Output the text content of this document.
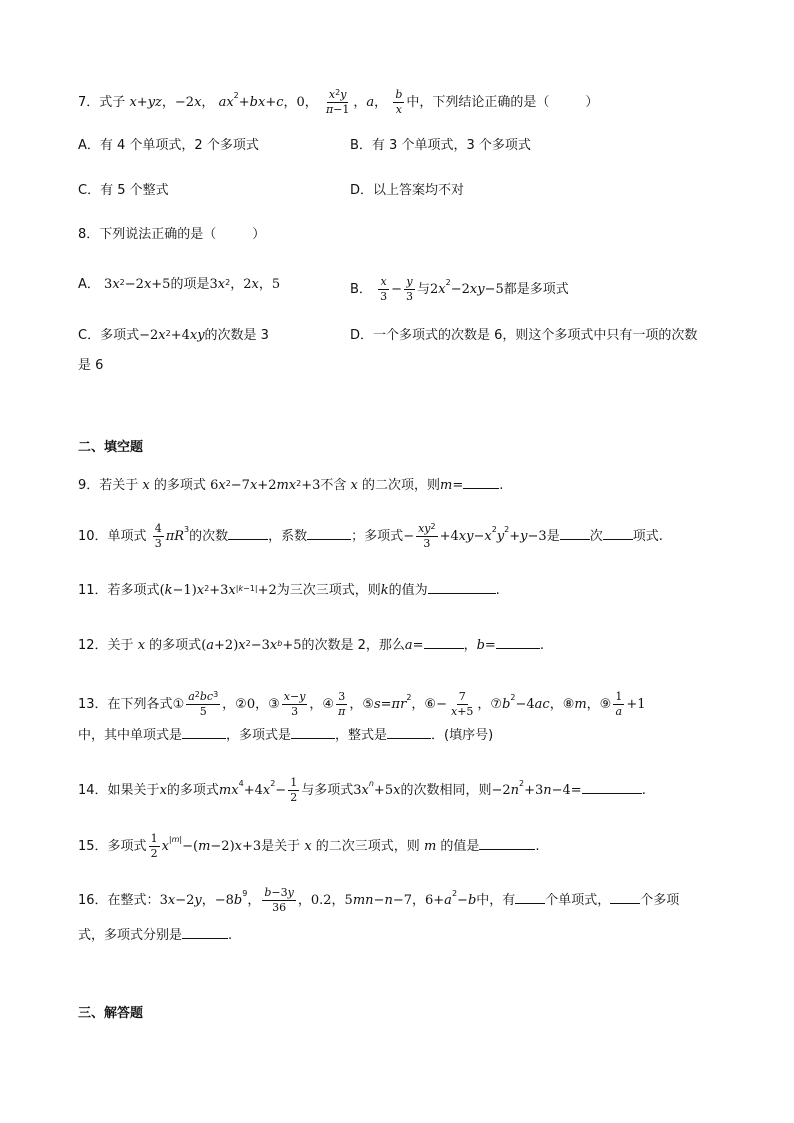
7．式子 x+yz，−2x， $ax^2+bx+c$，0， $\frac{x^2y}{\pi-1}$ ，a， $\frac{b}{x}$ 中，下列结论正确的是（	）
A．有 4 个单项式，2 个多项式	B．有 3 个单项式，3 个多项式
C．有 5 个整式	D．以上答案均不对
8．下列说法正确的是（	）
A． $3x^2-2x+5$的项是$3x^2$，2x，5	B． $\frac{x}{3} - \frac{y}{3}$ 与$2x^2-2xy-5$都是多项式
C．多项式$-2x^2+4xy$的次数是 3	D．一个多项式的次数是 6，则这个多项式中只有一项的次数
是 6
二、填空题
9．若关于 x 的多项式 $6x^2-7x+2mx^2+3$不含 x 的二次项，则m=	.
10．单项式 $\frac{4}{3} \pi R^3$的次数	，系数	；多项式− $\frac{xy^2}{3} +4xy-x^2y^2+y-3$是 次 项式.
11．若多项式$(k-1)x^2+3x^{|k-1|}+2$为三次三项式，则k的值为	.
12．关于 x 的多项式$(a+2)x^2-3x^b+5$的次数是 2，那么a=	，b=	.
13．在下列各式① $\frac{a^2bc^3}{5}$ ，②0，③ $\frac{x-y}{3}$ ，④ $\frac{3}{\pi}$ ，$⑤s=\pi r^2$，⑥− $\frac{7}{x+5}$ ，$⑦b^2-4ac$，⑧m，⑨ $\frac{1}{a} +1$
中，其中单项式是	，多项式是	，整式是	．(填序号)
14．如果关于x的多项式$mx^4+4x^2- \frac{1}{2}$ 与多项式$3x^n+5x$的次数相同，则$-2n^2+3n-4=$	.
15．多项式 $\frac{1}{2} x^{|m|}-(m-2)x+3$是关于 x 的二次三项式，则 m 的值是	.
16．在整式：3x−2y，$-8b^9$， $\frac{b-3y}{36}$ ，0.2，5mn−n−7，$6+a^2-b$中，有 个单项式， 个多项
式，多项式分别是	.
三、解答题
